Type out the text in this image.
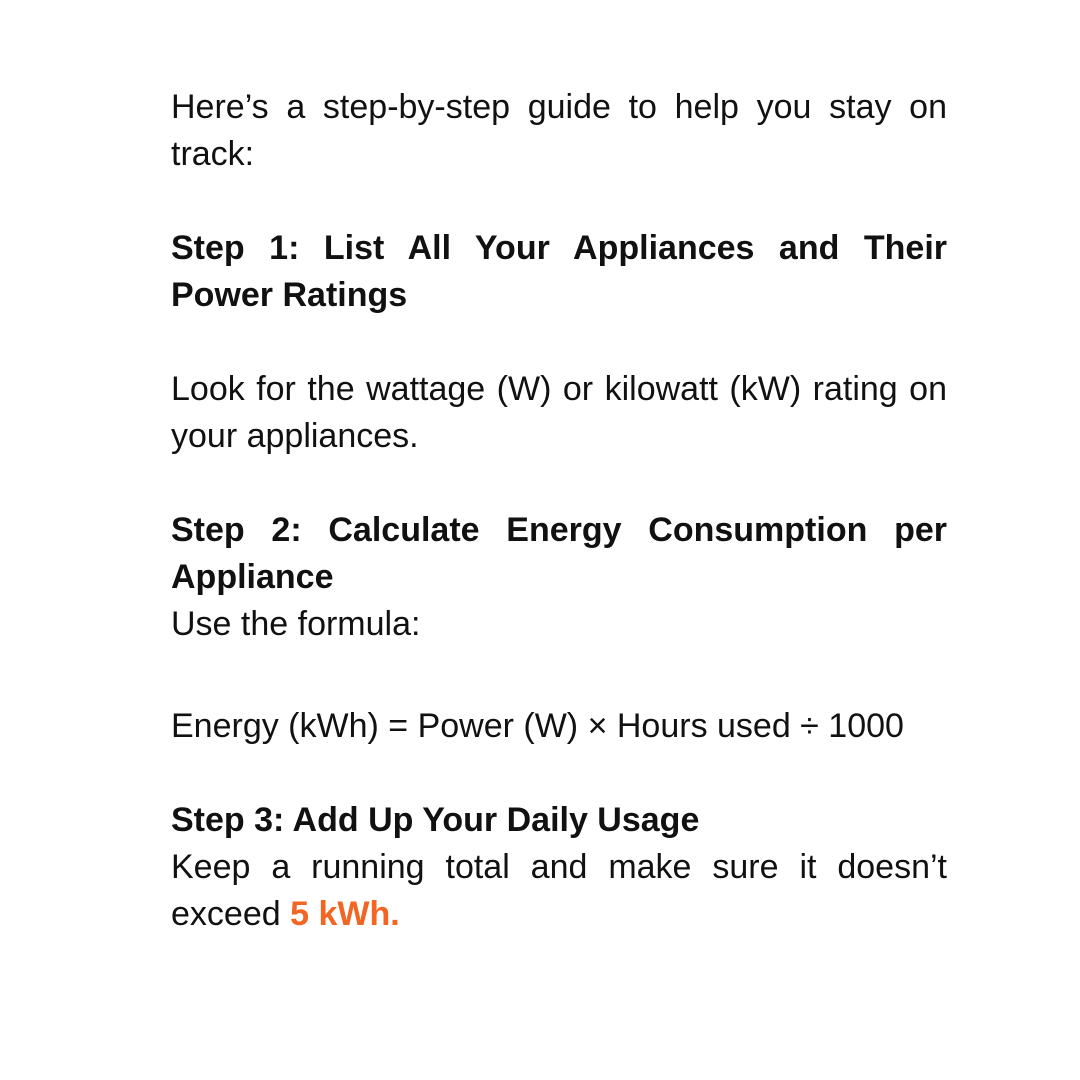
Here’s a step-by-step guide to help you stay on track:

Step 1: List All Your Appliances and Their Power Ratings

Look for the wattage (W) or kilowatt (kW) rating on your appliances.

Step 2: Calculate Energy Consumption per Appliance

Use the formula:

Energy (kWh) = Power (W) × Hours used ÷ 1000

Step 3: Add Up Your Daily Usage

Keep a running total and make sure it doesn’t exceed 5 kWh.
